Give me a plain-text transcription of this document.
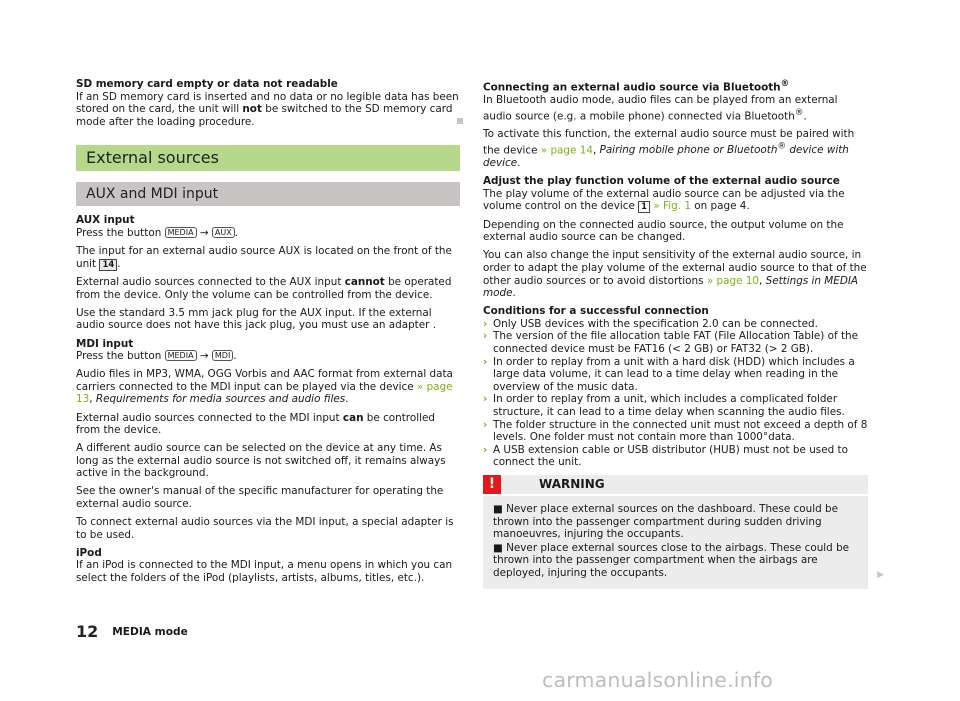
SD memory card empty or data not readable
If an SD memory card is inserted and no data or no legible data has been stored on the card, the unit will not be switched to the SD memory card mode after the loading procedure.

External sources
AUX and MDI input

AUX input
Press the button MEDIA → AUX .

The input for an external audio source AUX is located on the front of the unit 14 .

External audio sources connected to the AUX input cannot be operated from the device. Only the volume can be controlled from the device.

Use the standard 3.5 mm jack plug for the AUX input. If the external audio source does not have this jack plug, you must use an adapter .

MDI input
Press the button MEDIA → MDI .

Audio files in MP3, WMA, OGG Vorbis and AAC format from external data carriers connected to the MDI input can be played via the device » page 13, Requirements for media sources and audio files.

External audio sources connected to the MDI input can be controlled from the device.

A different audio source can be selected on the device at any time. As long as the external audio source is not switched off, it remains always active in the background.

See the owner's manual of the specific manufacturer for operating the external audio source.

To connect external audio sources via the MDI input, a special adapter is to be used.

iPod
If an iPod is connected to the MDI input, a menu opens in which you can select the folders of the iPod (playlists, artists, albums, titles, etc.).

Connecting an external audio source via Bluetooth®
In Bluetooth audio mode, audio files can be played from an external audio source (e.g. a mobile phone) connected via Bluetooth®.

To activate this function, the external audio source must be paired with the device » page 14, Pairing mobile phone or Bluetooth® device with device.

Adjust the play function volume of the external audio source
The play volume of the external audio source can be adjusted via the volume control on the device 1 » Fig. 1 on page 4.

Depending on the connected audio source, the output volume on the external audio source can be changed.

You can also change the input sensitivity of the external audio source, in order to adapt the play volume of the external audio source to that of the other audio sources or to avoid distortions » page 10, Settings in MEDIA mode.

Conditions for a successful connection
› Only USB devices with the specification 2.0 can be connected.
› The version of the file allocation table FAT (File Allocation Table) of the connected device must be FAT16 (< 2 GB) or FAT32 (> 2 GB).
› In order to replay from a unit with a hard disk (HDD) which includes a large data volume, it can lead to a time delay when reading in the overview of the music data.
› In order to replay from a unit, which includes a complicated folder structure, it can lead to a time delay when scanning the audio files.
› The folder structure in the connected unit must not exceed a depth of 8 levels. One folder must not contain more than 1000°data.
› A USB extension cable or USB distributor (HUB) must not be used to connect the unit.
!	WARNING

■ Never place external sources on the dashboard. These could be thrown into the passenger compartment during sudden driving manoeuvres, injuring the occupants.

■ Never place external sources close to the airbags. These could be thrown into the passenger compartment when the airbags are deployed, injuring the occupants.	▶
12 MEDIA mode
carmanualsonline.info
